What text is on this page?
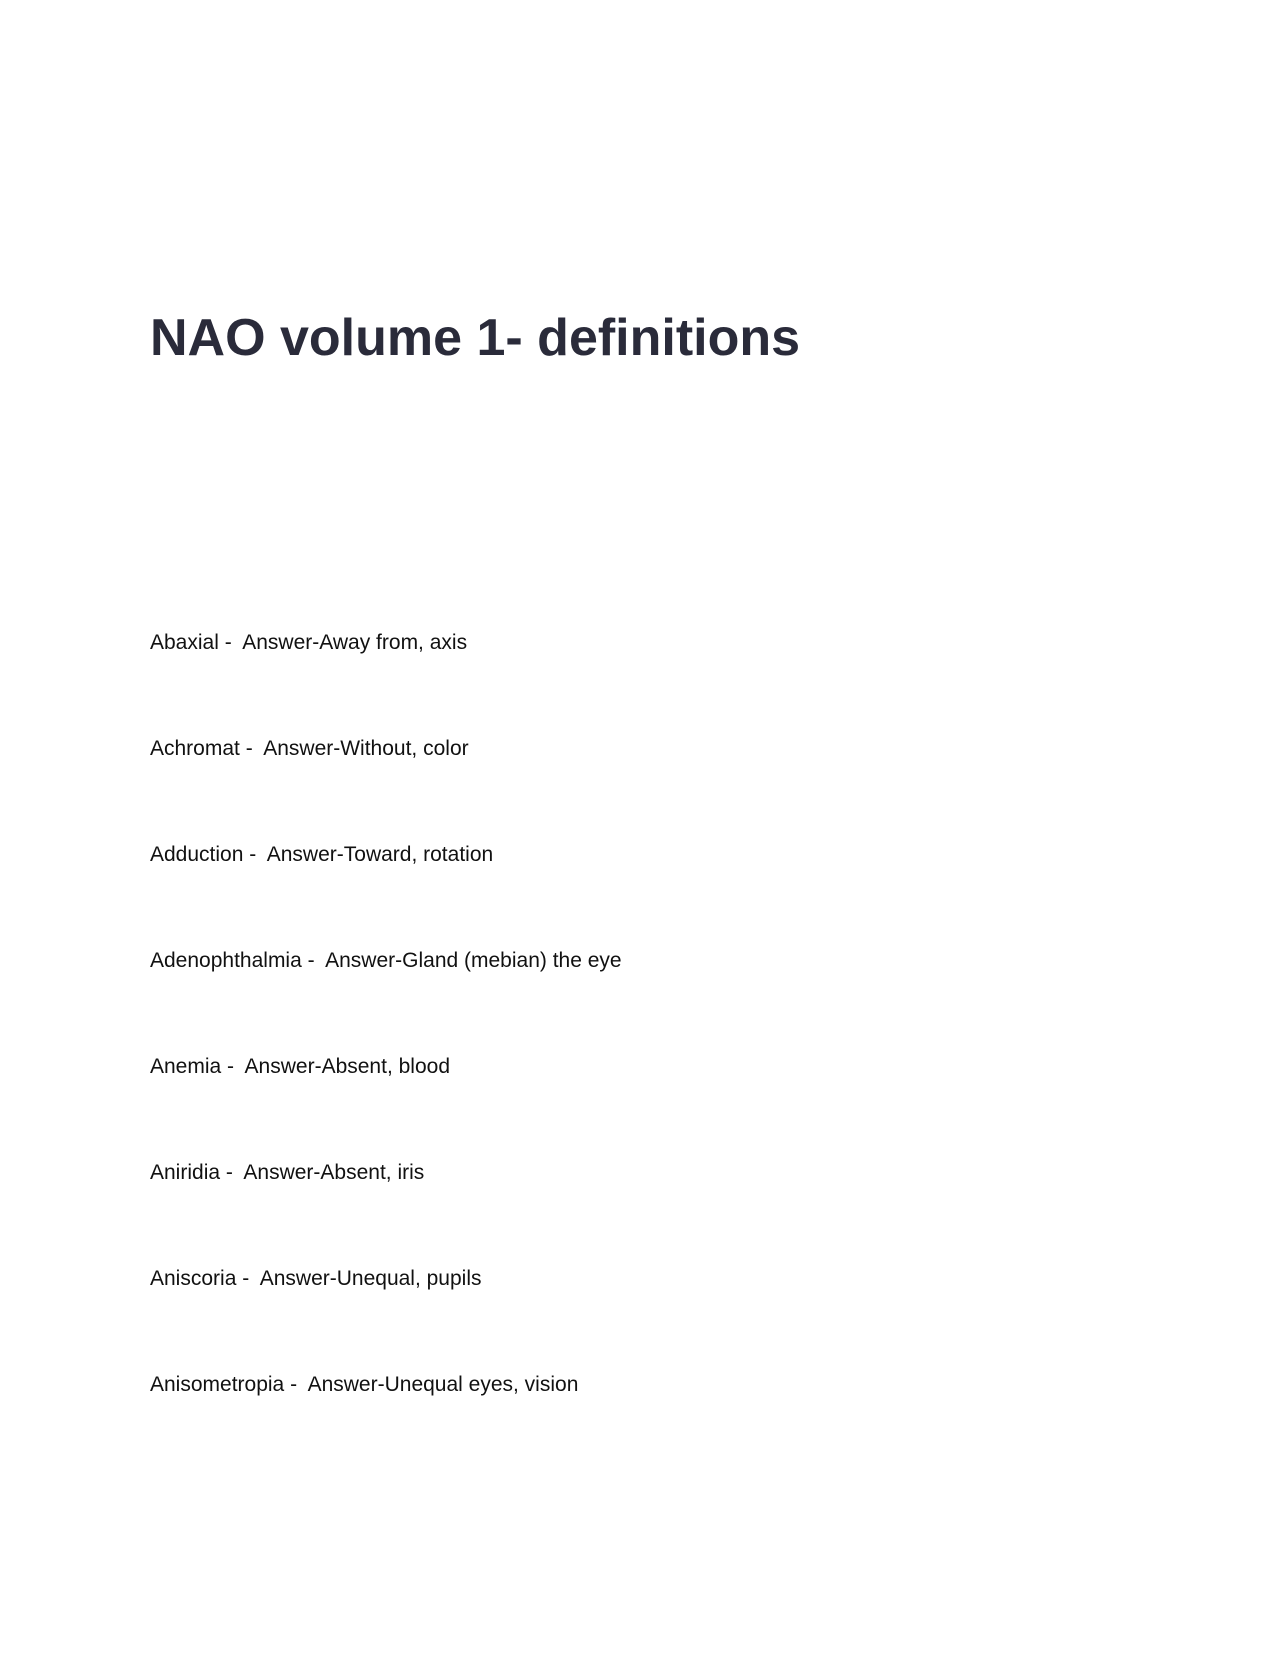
NAO volume 1- definitions
Abaxial -  Answer-Away from, axis
Achromat -  Answer-Without, color
Adduction -  Answer-Toward, rotation
Adenophthalmia -  Answer-Gland (mebian) the eye
Anemia -  Answer-Absent, blood
Aniridia -  Answer-Absent, iris
Aniscoria -  Answer-Unequal, pupils
Anisometropia -  Answer-Unequal eyes, vision
